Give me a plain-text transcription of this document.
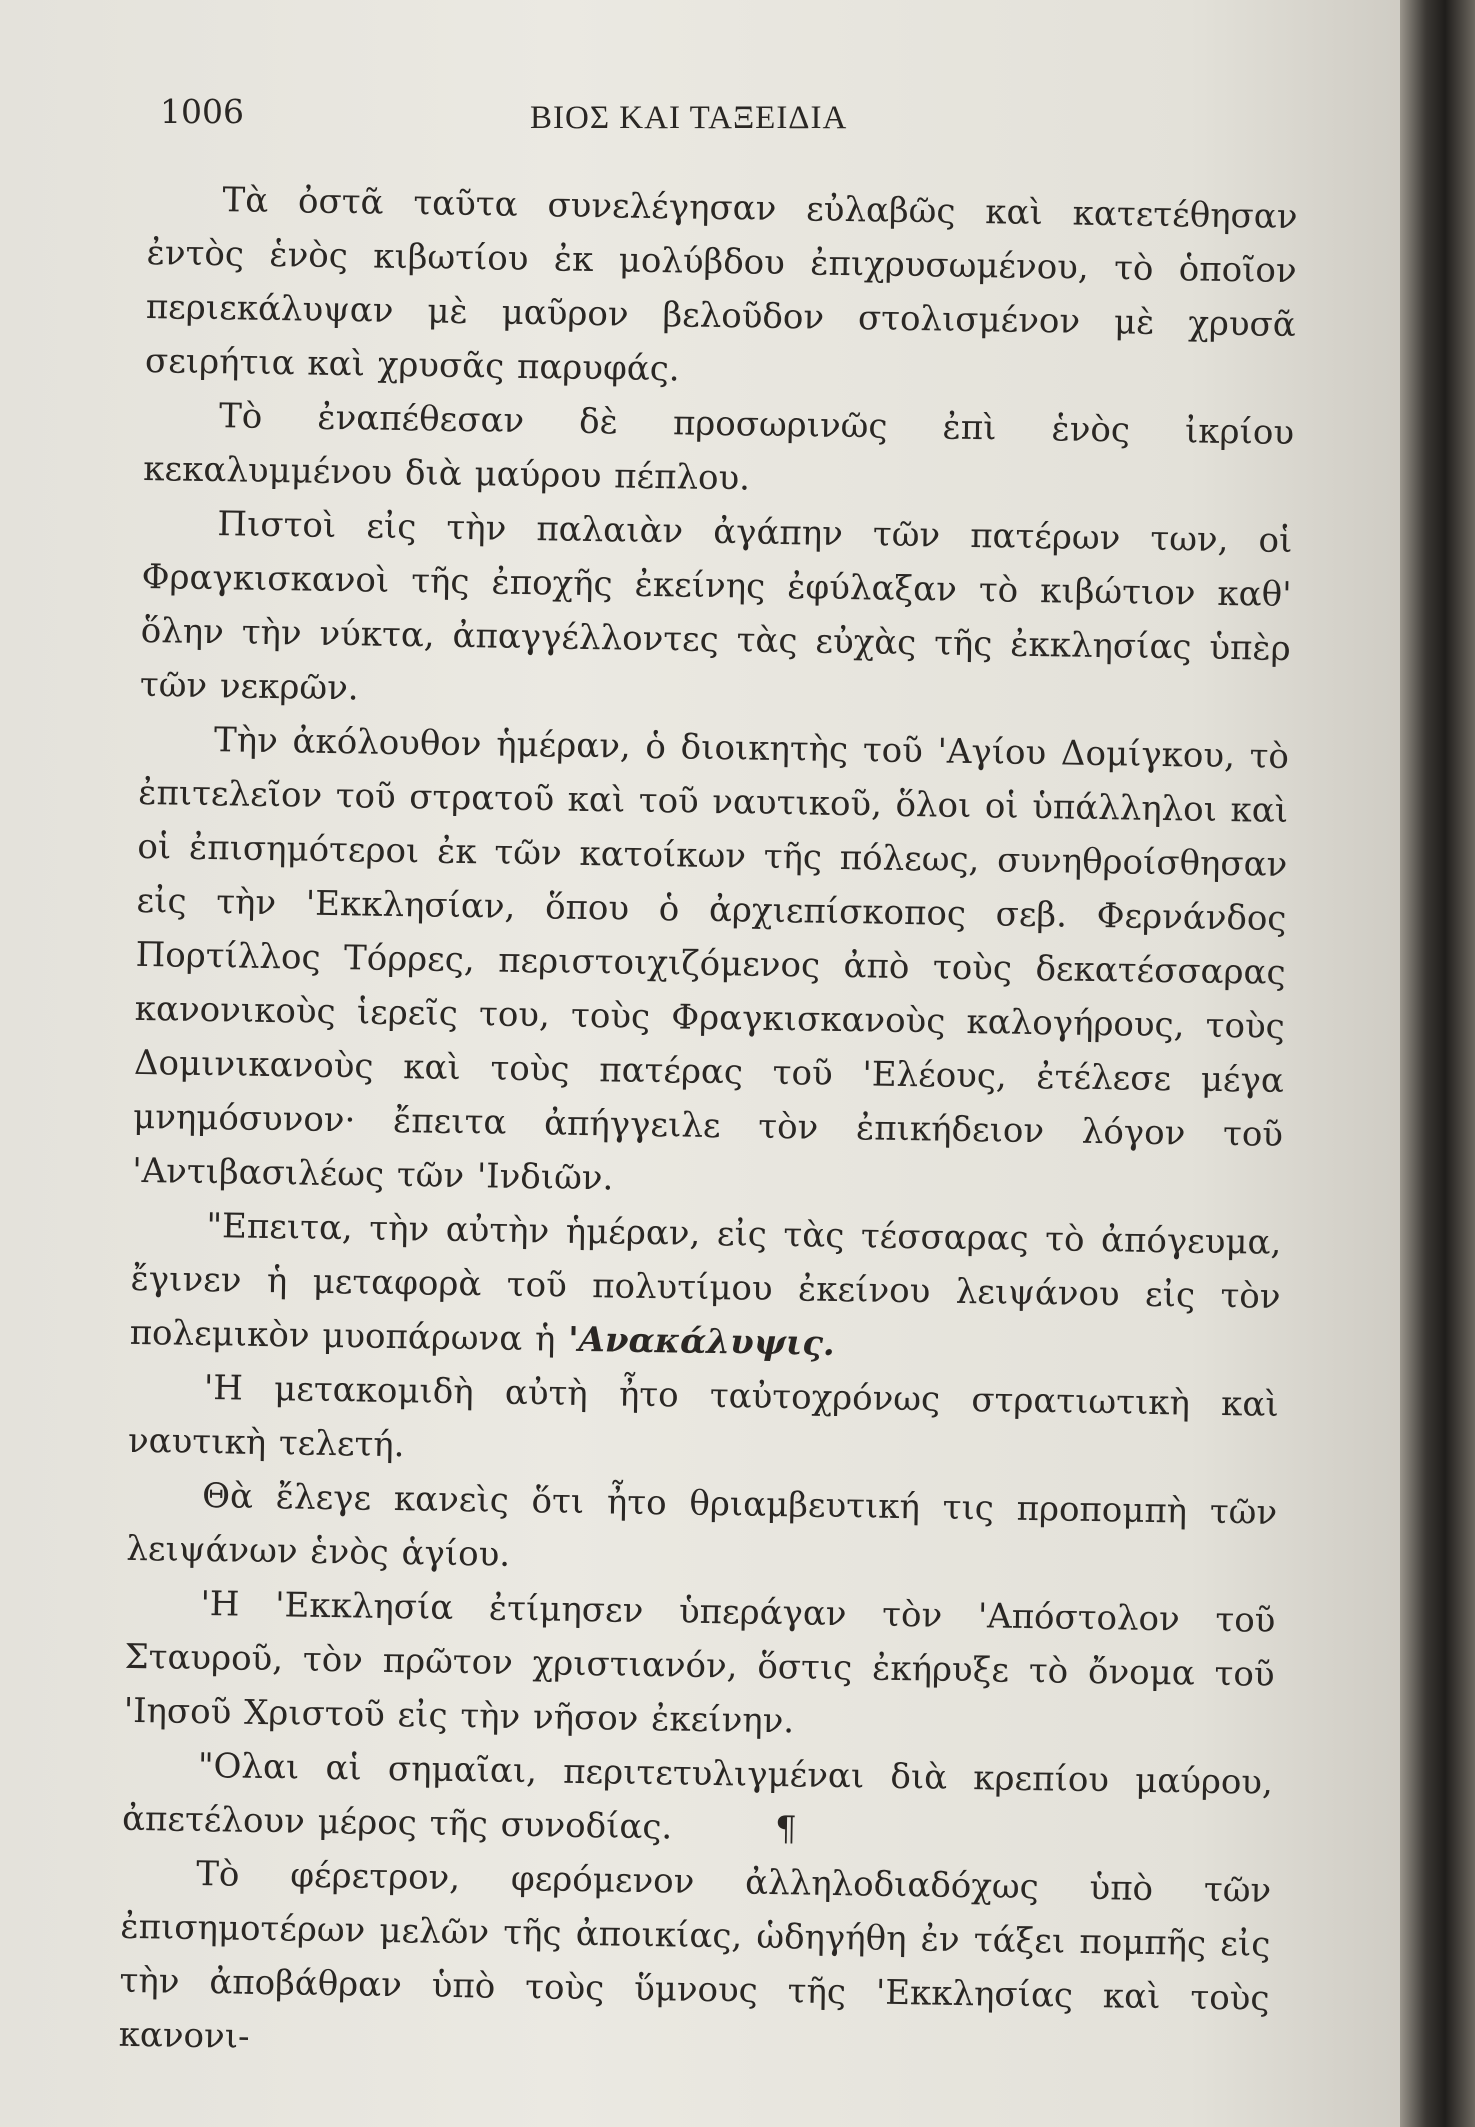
1006	ΒΙΟΣ ΚΑΙ ΤΑΞΕΙΔΙΑ

Τὰ ὀστᾶ ταῦτα συνελέγησαν εὐλαβῶς καὶ κατετέθησαν ἐντὸς ἑνὸς κιβωτίου ἐκ μολύβδου ἐπιχρυσωμένου, τὸ ὁποῖον περιεκάλυψαν μὲ μαῦρον βελοῦδον στολισμένον μὲ χρυσᾶ σειρήτια καὶ χρυσᾶς παρυφάς.

Τὸ ἐναπέθεσαν δὲ προσωρινῶς ἐπὶ ἑνὸς ἰκρίου κεκαλυμμένου διὰ μαύρου πέπλου.

Πιστοὶ εἰς τὴν παλαιὰν ἀγάπην τῶν πατέρων των, οἱ Φραγκισκανοὶ τῆς ἐποχῆς ἐκείνης ἐφύλαξαν τὸ κιβώτιον καθ' ὅλην τὴν νύκτα, ἀπαγγέλλοντες τὰς εὐχὰς τῆς ἐκκλησίας ὑπὲρ τῶν νεκρῶν.

Τὴν ἀκόλουθον ἡμέραν, ὁ διοικητὴς τοῦ 'Αγίου Δομίγκου, τὸ ἐπιτελεῖον τοῦ στρατοῦ καὶ τοῦ ναυτικοῦ, ὅλοι οἱ ὑπάλληλοι καὶ οἱ ἐπισημότεροι ἐκ τῶν κατοίκων τῆς πόλεως, συνηθροίσθησαν εἰς τὴν 'Εκκλησίαν, ὅπου ὁ ἀρχιεπίσκοπος σεβ. Φερνάνδος Πορτίλλος Τόρρες, περιστοιχιζόμενος ἀπὸ τοὺς δεκατέσσαρας κανονικοὺς ἱερεῖς του, τοὺς Φραγκισκανοὺς καλογήρους, τοὺς Δομινικανοὺς καὶ τοὺς πατέρας τοῦ 'Ελέους, ἐτέλεσε μέγα μνημόσυνον· ἔπειτα ἀπήγγειλε τὸν ἐπικήδειον λόγον τοῦ 'Αντιβασιλέως τῶν 'Ινδιῶν.

"Επειτα, τὴν αὐτὴν ἡμέραν, εἰς τὰς τέσσαρας τὸ ἀπόγευμα, ἔγινεν ἡ μεταφορὰ τοῦ πολυτίμου ἐκείνου λειψάνου εἰς τὸν πολεμικὸν μυοπάρωνα ἡ 'Ανακάλυψις.

'Η μετακομιδὴ αὐτὴ ἦτο ταὐτοχρόνως στρατιωτικὴ καὶ ναυτικὴ τελετή.

Θὰ ἔλεγε κανεὶς ὅτι ἦτο θριαμβευτική τις προπομπὴ τῶν λειψάνων ἑνὸς ἁγίου.

'Η 'Εκκλησία ἐτίμησεν ὑπεράγαν τὸν 'Απόστολον τοῦ Σταυροῦ, τὸν πρῶτον χριστιανόν, ὅστις ἐκήρυξε τὸ ὄνομα τοῦ 'Ιησοῦ Χριστοῦ εἰς τὴν νῆσον ἐκείνην.

"Ολαι αἱ σημαῖαι, περιτετυλιγμέναι διὰ κρεπίου μαύρου, ἀπετέλουν μέρος τῆς συνοδίας.	¶

Τὸ φέρετρον, φερόμενον ἀλληλοδιαδόχως ὑπὸ τῶν ἐπισημοτέρων μελῶν τῆς ἀποικίας, ὡδηγήθη ἐν τάξει πομπῆς εἰς τὴν ἀποβάθραν ὑπὸ τοὺς ὕμνους τῆς 'Εκκλησίας καὶ τοὺς κανονι-
